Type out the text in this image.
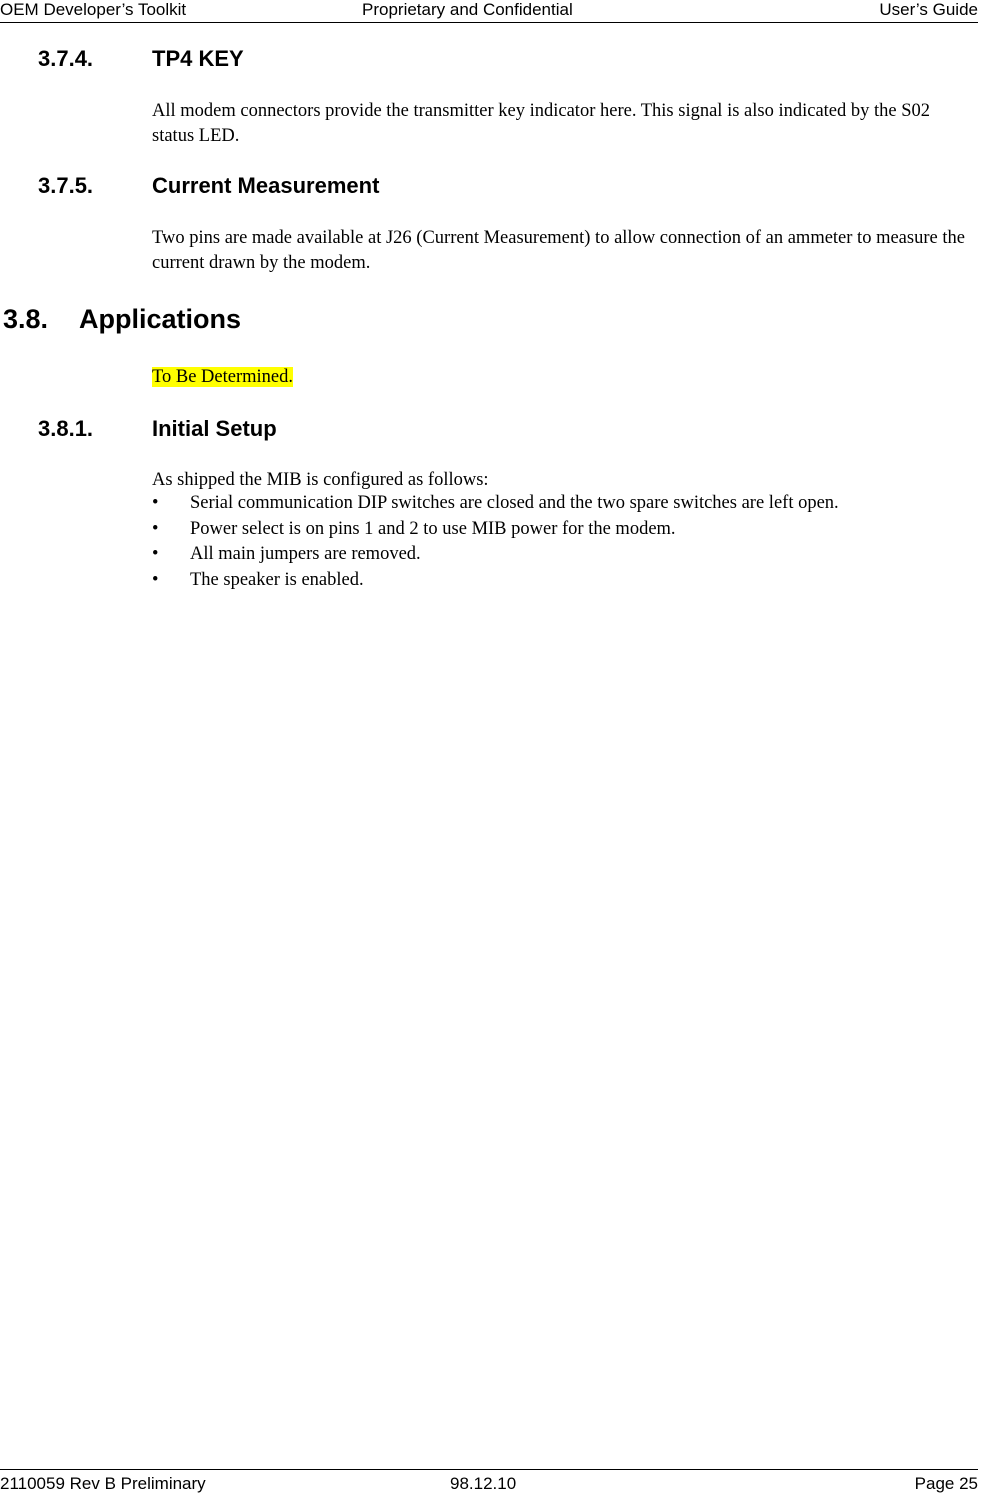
OEM Developer’s Toolkit	Proprietary and Confidential	User’s Guide
3.7.4.	TP4 KEY
All modem connectors provide the transmitter key indicator here. This signal is also indicated by the S02 status LED.
3.7.5.	Current Measurement
Two pins are made available at J26 (Current Measurement) to allow connection of an ammeter to measure the current drawn by the modem.
3.8. Applications
To Be Determined.
3.8.1.	Initial Setup
As shipped the MIB is configured as follows:
• Serial communication DIP switches are closed and the two spare switches are left open.
• Power select is on pins 1 and 2 to use MIB power for the modem.
• All main jumpers are removed.
• The speaker is enabled.
2110059 Rev B Preliminary	98.12.10	Page 25
